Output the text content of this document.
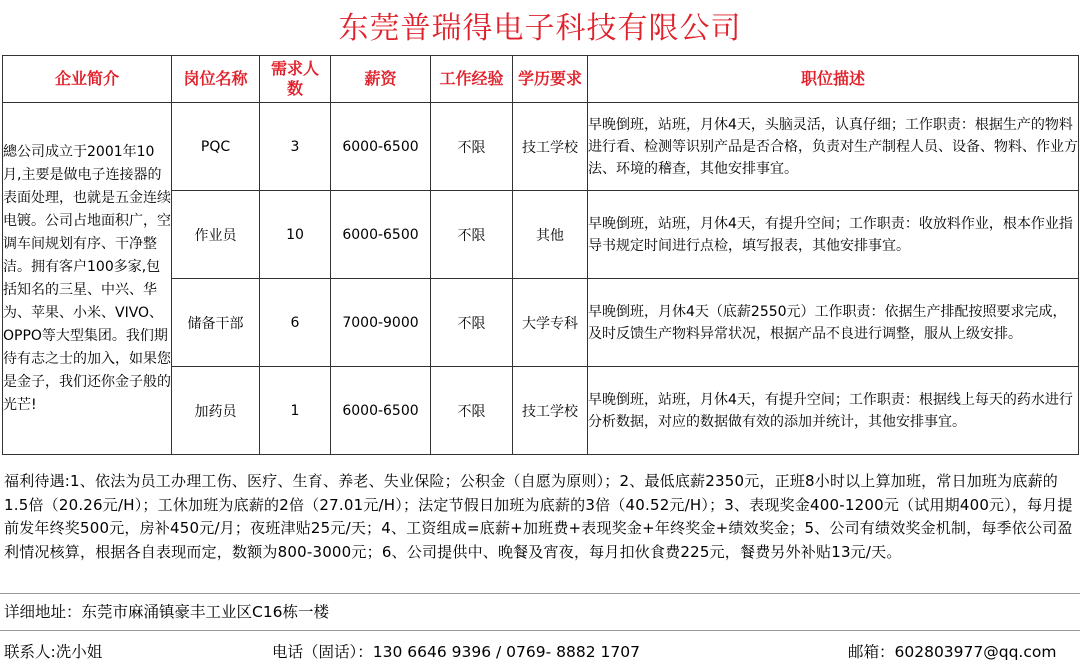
东莞普瑞得电子科技有限公司
企业简介	岗位名称	需求人数	薪资	工作经验	学历要求	职位描述
總公司成立于2001年10月,主要是做电子连接器的表面处理，也就是五金连续电镀。公司占地面积广，空调车间规划有序、干净整洁。拥有客户100多家,包括知名的三星、中兴、华为、苹果、小米、VIVO、OPPO等大型集团。我们期待有志之士的加入，如果您是金子，我们还你金子般的光芒!	PQC	3	6000-6500	不限	技工学校	早晚倒班，站班，月休4天，头脑灵活，认真仔细；工作职责：根据生产的物料进行看、检测等识别产品是否合格，负责对生产制程人员、设备、物料、作业方法、环境的稽查，其他安排事宜。
	作业员	10	6000-6500	不限	其他	早晚倒班，站班，月休4天，有提升空间；工作职责：收放料作业，根本作业指导书规定时间进行点检，填写报表，其他安排事宜。
	储备干部	6	7000-9000	不限	大学专科	早晚倒班，月休4天（底薪2550元）工作职责：依据生产排配按照要求完成，及时反馈生产物料异常状况，根据产品不良进行调整，服从上级安排。
	加药员	1	6000-6500	不限	技工学校	早晚倒班，站班，月休4天，有提升空间；工作职责：根据线上每天的药水进行分析数据，对应的数据做有效的添加并统计，其他安排事宜。
福利待遇:1、依法为员工办理工伤、医疗、生育、养老、失业保险；公积金（自愿为原则）；2、最低底薪2350元，正班8小时以上算加班，常日加班为底薪的1.5倍（20.26元/H）；工休加班为底薪的2倍（27.01元/H）；法定节假日加班为底薪的3倍（40.52元/H）；3、表现奖金400-1200元（试用期400元），每月提前发年终奖500元，房补450元/月；夜班津贴25元/天；4、工资组成=底薪+加班费+表现奖金+年终奖金+绩效奖金；5、公司有绩效奖金机制，每季依公司盈利情况核算，根据各自表现而定，数额为800-3000元；6、公司提供中、晚餐及宵夜，每月扣伙食费225元，餐费另外补贴13元/天。
详细地址：东莞市麻涌镇豪丰工业区C16栋一楼
联系人:冼小姐	电话（固话）：130 6646 9396 / 0769- 8882 1707	邮箱：602803977@qq.com
